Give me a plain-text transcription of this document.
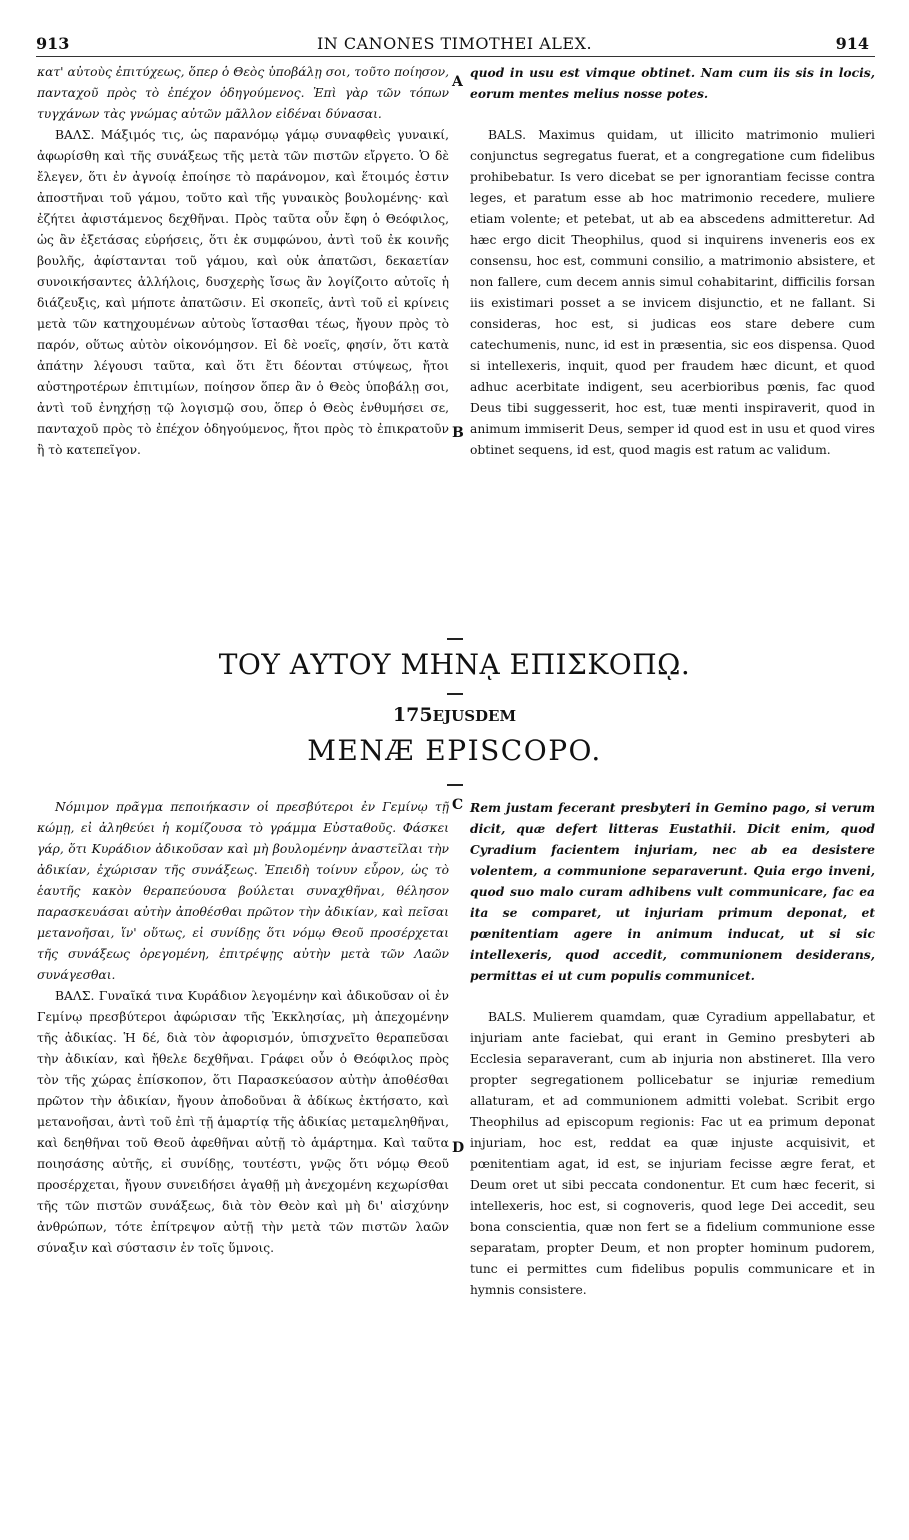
913	IN CANONES TIMOTHEI ALEX.	914

κατ' αὐτοὺς ἐπιτύχεως, ὅπερ ὁ Θεὸς ὑποβάλῃ σοι, τοῦτο ποίησον, πανταχοῦ πρὸς τὸ ἐπέχον ὁδηγούμενος. Ἐπὶ γὰρ τῶν τόπων τυγχάνων τὰς γνώμας αὐτῶν μᾶλλον εἰδέναι δύνασαι.

ΒΑΛΣ. Μάξιμός τις, ὡς παρανόμῳ γάμῳ συναφθεὶς γυναικί, ἀφωρίσθη καὶ τῆς συνάξεως τῆς μετὰ τῶν πιστῶν εἴργετο. Ὁ δὲ ἔλεγεν, ὅτι ἐν ἀγνοίᾳ ἐποίησε τὸ παράνομον, καὶ ἕτοιμός ἐστιν ἀποστῆναι τοῦ γάμου, τοῦτο καὶ τῆς γυναικὸς βουλομένης· καὶ ἐζήτει ἀφιστάμενος δεχθῆναι. Πρὸς ταῦτα οὖν ἔφη ὁ Θεόφιλος, ὡς ἂν ἐξετάσας εὑρήσεις, ὅτι ἐκ συμφώνου, ἀντὶ τοῦ ἐκ κοινῆς βουλῆς, ἀφίστανται τοῦ γάμου, καὶ οὐκ ἀπατῶσι, δεκαετίαν συνοικήσαντες ἀλλήλοις, δυσχερὴς ἴσως ἂν λογίζοιτο αὐτοῖς ἡ διάζευξις, καὶ μήποτε ἀπατῶσιν. Εἰ σκοπεῖς, ἀντὶ τοῦ εἰ κρίνεις μετὰ τῶν κατηχουμένων αὐτοὺς ἵστασθαι τέως, ἤγουν πρὸς τὸ παρόν, οὕτως αὐτὸν οἰκονόμησον. Εἰ δὲ νοεῖς, φησίν, ὅτι κατὰ ἀπάτην λέγουσι ταῦτα, καὶ ὅτι ἔτι δέονται στύψεως, ἤτοι αὐστηροτέρων ἐπιτιμίων, ποίησον ὅπερ ἂν ὁ Θεὸς ὑποβάλῃ σοι, ἀντὶ τοῦ ἐνηχήσῃ τῷ λογισμῷ σου, ὅπερ ὁ Θεὸς ἐνθυμήσει σε, πανταχοῦ πρὸς τὸ ἐπέχον ὁδηγούμενος, ἤτοι πρὸς τὸ ἐπικρατοῦν ἢ τὸ κατεπεῖγον.

quod in usu est vimque obtinet. Nam cum iis sis in locis, eorum mentes melius nosse potes.

BALS. Maximus quidam, ut illicito matrimonio mulieri conjunctus segregatus fuerat, et a congregatione cum fidelibus prohibebatur. Is vero dicebat se per ignorantiam fecisse contra leges, et paratum esse ab hoc matrimonio recedere, muliere etiam volente; et petebat, ut ab ea abscedens admitteretur. Ad hæc ergo dicit Theophilus, quod si inquirens inveneris eos ex consensu, hoc est, communi consilio, a matrimonio absistere, et non fallere, cum decem annis simul cohabitarint, difficilis forsan iis existimari posset a se invicem disjunctio, et ne fallant. Si consideras, hoc est, si judicas eos stare debere cum catechumenis, nunc, id est in præsentia, sic eos dispensa. Quod si intellexeris, inquit, quod per fraudem hæc dicunt, et quod adhuc acerbitate indigent, seu acerbioribus pœnis, fac quod Deus tibi suggesserit, hoc est, tuæ menti inspiraverit, quod in animum immiserit Deus, semper id quod est in usu et quod vires obtinet sequens, id est, quod magis est ratum ac validum.

A
B
ΤΟΥ ΑΥΤΟΥ ΜΗΝᾼ ΕΠΙΣΚΟΠῼ.
175EJUSDEM
MENÆ EPISCOPO.

Νόμιμον πρᾶγμα πεποιήκασιν οἱ πρεσβύτεροι ἐν Γεμίνῳ τῇ κώμῃ, εἰ ἀληθεύει ἡ κομίζουσα τὸ γράμμα Εὐσταθοῦς. Φάσκει γάρ, ὅτι Κυράδιον ἀδικοῦσαν καὶ μὴ βουλομένην ἀναστεῖλαι τὴν ἀδικίαν, ἐχώρισαν τῆς συνάξεως. Ἐπειδὴ τοίνυν εὗρον, ὡς τὸ ἑαυτῆς κακὸν θεραπεύουσα βούλεται συναχθῆναι, θέλησον παρασκευάσαι αὐτὴν ἀποθέσθαι πρῶτον τὴν ἀδικίαν, καὶ πεῖσαι μετανοῆσαι, ἵν' οὕτως, εἰ συνίδῃς ὅτι νόμῳ Θεοῦ προσέρχεται τῆς συνάξεως ὀρεγομένη, ἐπιτρέψῃς αὐτὴν μετὰ τῶν Λαῶν συνάγεσθαι.

ΒΑΛΣ. Γυναῖκά τινα Κυράδιον λεγομένην καὶ ἀδικοῦσαν οἱ ἐν Γεμίνῳ πρεσβύτεροι ἀφώρισαν τῆς Ἐκκλησίας, μὴ ἀπεχομένην τῆς ἀδικίας. Ἡ δέ, διὰ τὸν ἀφορισμόν, ὑπισχνεῖτο θεραπεῦσαι τὴν ἀδικίαν, καὶ ἤθελε δεχθῆναι. Γράφει οὖν ὁ Θεόφιλος πρὸς τὸν τῆς χώρας ἐπίσκοπον, ὅτι Παρασκεύασον αὐτὴν ἀποθέσθαι πρῶτον τὴν ἀδικίαν, ἤγουν ἀποδοῦναι ἃ ἀδίκως ἐκτήσατο, καὶ μετανοῆσαι, ἀντὶ τοῦ ἐπὶ τῇ ἁμαρτίᾳ τῆς ἀδικίας μεταμεληθῆναι, καὶ δεηθῆναι τοῦ Θεοῦ ἀφεθῆναι αὐτῇ τὸ ἁμάρτημα. Καὶ ταῦτα ποιησάσης αὐτῆς, εἰ συνίδῃς, τουτέστι, γνῷς ὅτι νόμῳ Θεοῦ προσέρχεται, ἤγουν συνειδήσει ἀγαθῇ μὴ ἀνεχομένη κεχωρίσθαι τῆς τῶν πιστῶν συνάξεως, διὰ τὸν Θεὸν καὶ μὴ δι' αἰσχύνην ἀνθρώπων, τότε ἐπίτρεψον αὐτῇ τὴν μετὰ τῶν πιστῶν λαῶν σύναξιν καὶ σύστασιν ἐν τοῖς ὕμνοις.

Rem justam fecerant presbyteri in Gemino pago, si verum dicit, quæ defert litteras Eustathii. Dicit enim, quod Cyradium facientem injuriam, nec ab ea desistere volentem, a communione separaverunt. Quia ergo inveni, quod suo malo curam adhibens vult communicare, fac ea ita se comparet, ut injuriam primum deponat, et pœnitentiam agere in animum inducat, ut si sic intellexeris, quod accedit, communionem desiderans, permittas ei ut cum populis communicet.

BALS. Mulierem quamdam, quæ Cyradium appellabatur, et injuriam ante faciebat, qui erant in Gemino presbyteri ab Ecclesia separaverant, cum ab injuria non abstineret. Illa vero propter segregationem pollicebatur se injuriæ remedium allaturam, et ad communionem admitti volebat. Scribit ergo Theophilus ad episcopum regionis: Fac ut ea primum deponat injuriam, hoc est, reddat ea quæ injuste acquisivit, et pœnitentiam agat, id est, se injuriam fecisse ægre ferat, et Deum oret ut sibi peccata condonentur. Et cum hæc fecerit, si intellexeris, hoc est, si cognoveris, quod lege Dei accedit, seu bona conscientia, quæ non fert se a fidelium communione esse separatam, propter Deum, et non propter hominum pudorem, tunc ei permittes cum fidelibus populis communicare et in hymnis consistere.

C
D
